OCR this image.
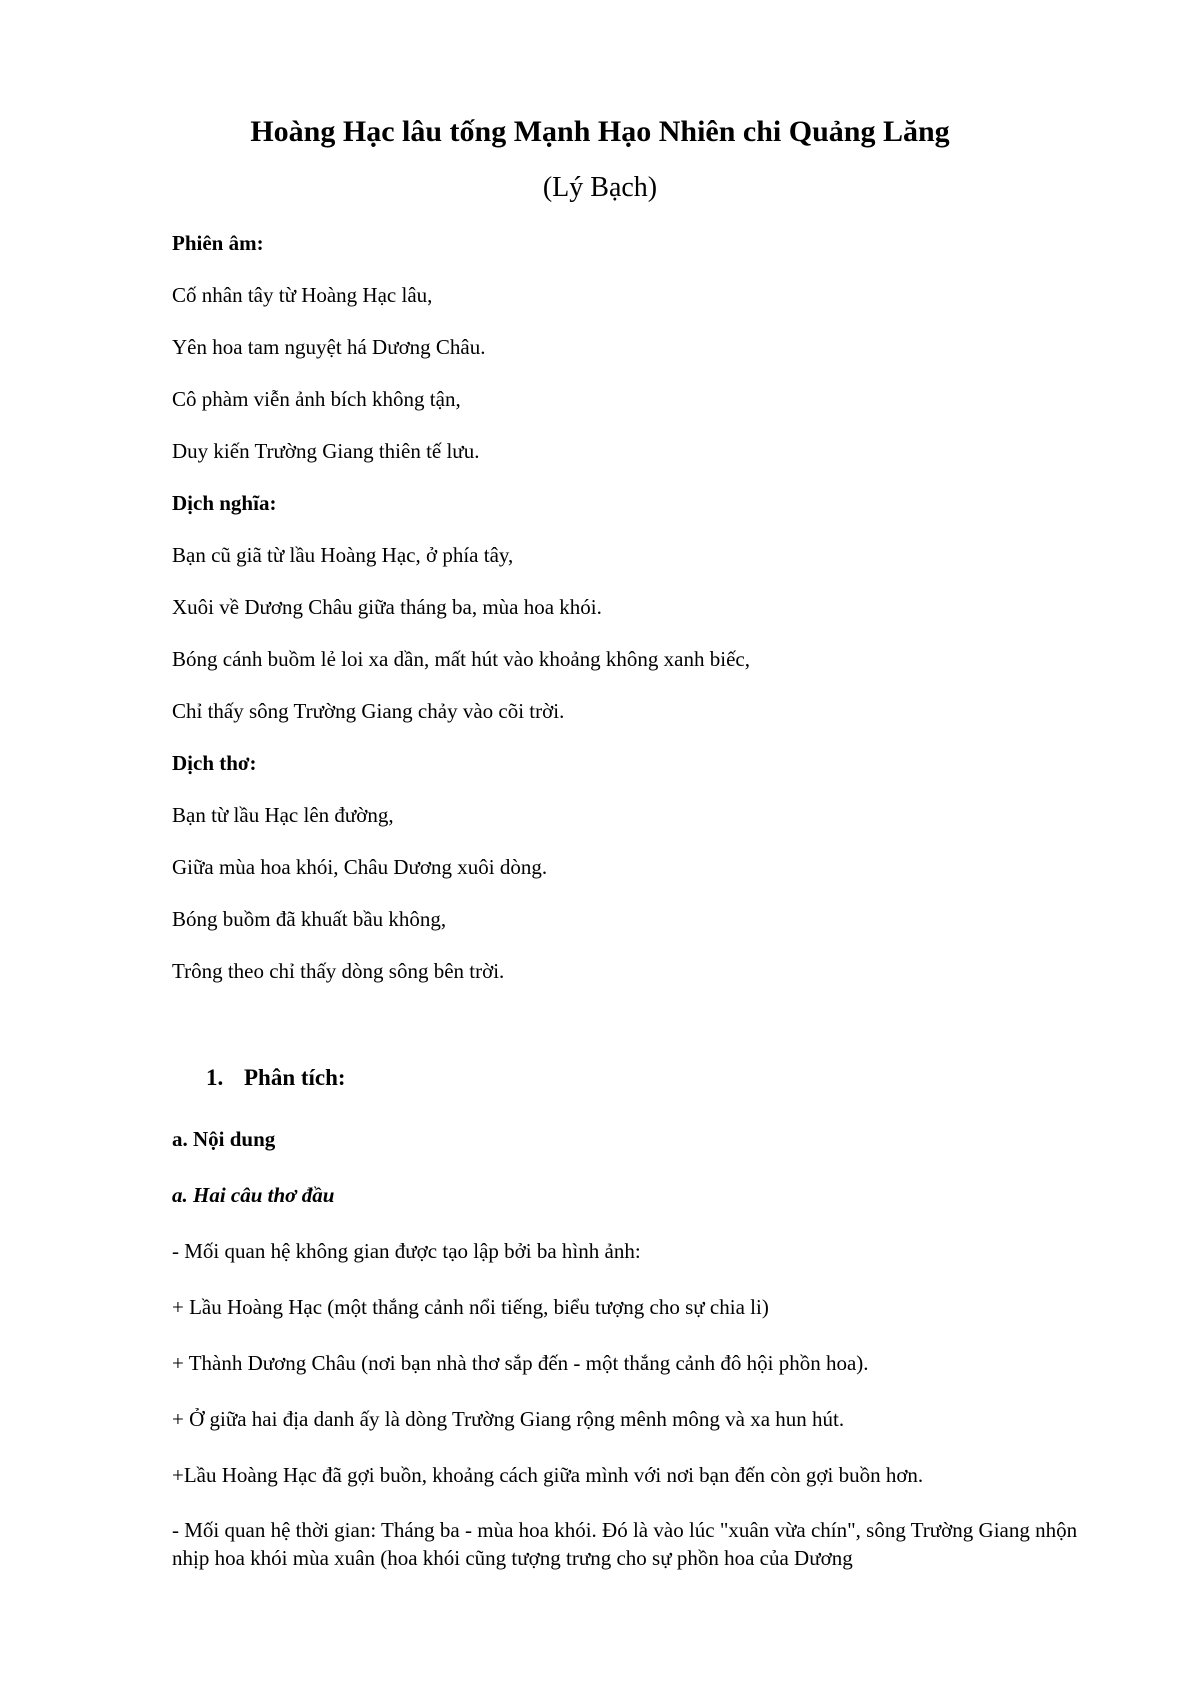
Hoàng Hạc lâu tống Mạnh Hạo Nhiên chi Quảng Lăng
(Lý Bạch)
Phiên âm:
Cố nhân tây từ Hoàng Hạc lâu,
Yên hoa tam nguyệt há Dương Châu.
Cô phàm viễn ảnh bích không tận,
Duy kiến Trường Giang thiên tế lưu.
Dịch nghĩa:
Bạn cũ giã từ lầu Hoàng Hạc, ở phía tây,
Xuôi về Dương Châu giữa tháng ba, mùa hoa khói.
Bóng cánh buồm lẻ loi xa dần, mất hút vào khoảng không xanh biếc,
Chỉ thấy sông Trường Giang chảy vào cõi trời.
Dịch thơ:
Bạn từ lầu Hạc lên đường,
Giữa mùa hoa khói, Châu Dương xuôi dòng.
Bóng buồm đã khuất bầu không,
Trông theo chỉ thấy dòng sông bên trời.
1. Phân tích:
a. Nội dung
a. Hai câu thơ đầu
- Mối quan hệ không gian được tạo lập bởi ba hình ảnh:
+ Lầu Hoàng Hạc (một thắng cảnh nổi tiếng, biểu tượng cho sự chia li)
+ Thành Dương Châu (nơi bạn nhà thơ sắp đến - một thắng cảnh đô hội phồn hoa).
+ Ở giữa hai địa danh ấy là dòng Trường Giang rộng mênh mông và xa hun hút.
+Lầu Hoàng Hạc đã gợi buồn, khoảng cách giữa mình với nơi bạn đến còn gợi buồn hơn.
- Mối quan hệ thời gian: Tháng ba - mùa hoa khói. Đó là vào lúc "xuân vừa chín", sông Trường Giang nhộn nhịp hoa khói mùa xuân (hoa khói cũng tượng trưng cho sự phồn hoa của Dương
